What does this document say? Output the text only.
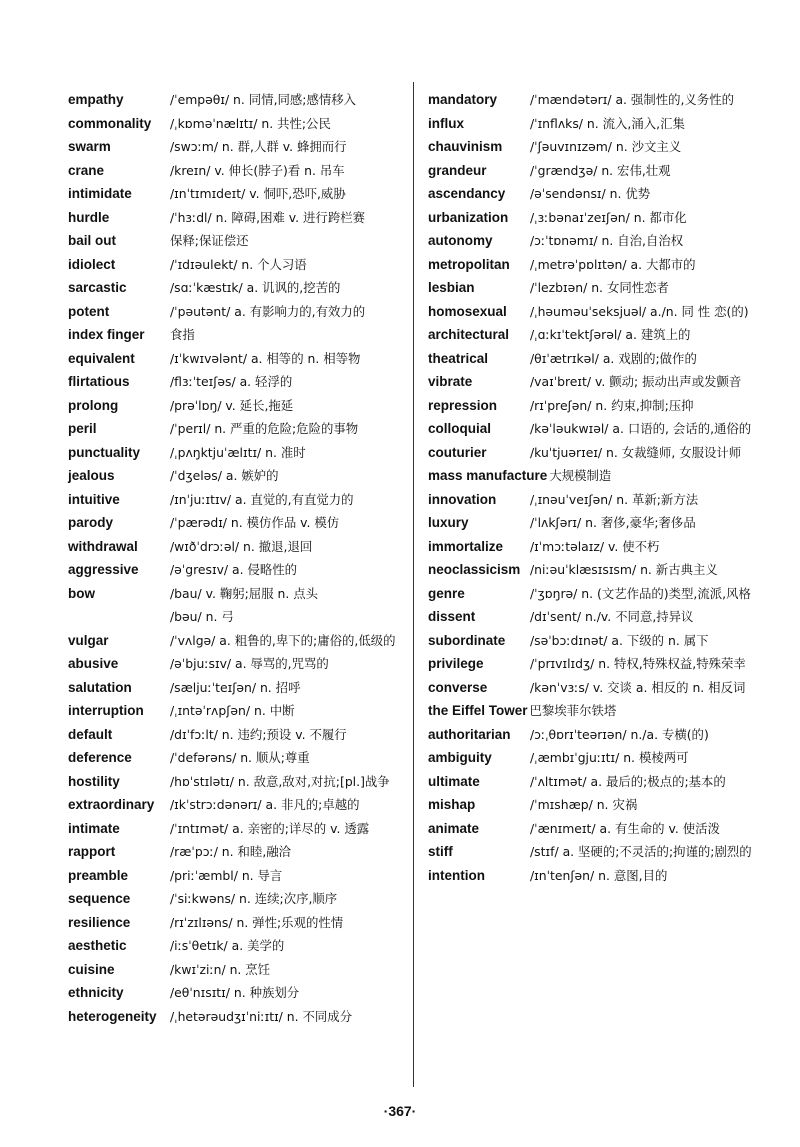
empathy	/ˈempəθɪ/ n. 同情,同感;感情移入
commonality	/ˌkɒməˈnælɪtɪ/ n. 共性;公民
swarm	/swɔːm/ n. 群,人群 v. 蜂拥而行
crane	/kreɪn/ v. 伸长(脖子)看 n. 吊车
intimidate	/ɪnˈtɪmɪdeɪt/ v. 恫吓,恐吓,威胁
hurdle	/ˈhɜːdl/ n. 障碍,困难 v. 进行跨栏赛
bail out	保释;保证偿还
idiolect	/ˈɪdɪəulekt/ n. 个人习语
sarcastic	/sɑːˈkæstɪk/ a. 讥讽的,挖苦的
potent	/ˈpəutənt/ a. 有影响力的,有效力的
index finger	食指
equivalent	/ɪˈkwɪvələnt/ a. 相等的 n. 相等物
flirtatious	/flɜːˈteɪʃəs/ a. 轻浮的
prolong	/prəˈlɒŋ/ v. 延长,拖延
peril	/ˈperɪl/ n. 严重的危险;危险的事物
punctuality	/ˌpʌŋktjuˈælɪtɪ/ n. 准时
jealous	/ˈdʒeləs/ a. 嫉妒的
intuitive	/ɪnˈjuːɪtɪv/ a. 直觉的,有直觉力的
parody	/ˈpærədɪ/ n. 模仿作品 v. 模仿
withdrawal	/wɪðˈdrɔːəl/ n. 撤退,退回
aggressive	/əˈgresɪv/ a. 侵略性的
bow	/bau/ v. 鞠躬;屈服 n. 点头
/bəu/ n. 弓
vulgar	/ˈvʌlgə/ a. 粗鲁的,卑下的;庸俗的,低级的
abusive	/əˈbjuːsɪv/ a. 辱骂的,咒骂的
salutation	/sæljuːˈteɪʃən/ n. 招呼
interruption	/ˌɪntəˈrʌpʃən/ n. 中断
default	/dɪˈfɔːlt/ n. 违约;预设 v. 不履行
deference	/ˈdefərəns/ n. 顺从;尊重
hostility	/hɒˈstɪlətɪ/ n. 敌意,敌对,对抗;[pl.]战争
extraordinary	/ɪkˈstrɔːdənərɪ/ a. 非凡的;卓越的
intimate	/ˈɪntɪmət/ a. 亲密的;详尽的 v. 透露
rapport	/ræˈpɔː/ n. 和睦,融洽
preamble	/priːˈæmbl/ n. 导言
sequence	/ˈsiːkwəns/ n. 连续;次序,顺序
resilience	/rɪˈzɪlɪəns/ n. 弹性;乐观的性情
aesthetic	/iːsˈθetɪk/ a. 美学的
cuisine	/kwɪˈziːn/ n. 烹饪
ethnicity	/eθˈnɪsɪtɪ/ n. 种族划分
heterogeneity	/ˌhetərəudʒɪˈniːɪtɪ/ n. 不同成分
mandatory	/ˈmændətərɪ/ a. 强制性的,义务性的
influx	/ˈɪnflʌks/ n. 流入,涌入,汇集
chauvinism	/ˈʃəuvɪnɪzəm/ n. 沙文主义
grandeur	/ˈgrændʒə/ n. 宏伟,壮观
ascendancy	/əˈsendənsɪ/ n. 优势
urbanization	/ˌɜːbənaɪˈzeɪʃən/ n. 都市化
autonomy	/ɔːˈtɒnəmɪ/ n. 自治,自治权
metropolitan	/ˌmetrəˈpɒlɪtən/ a. 大都市的
lesbian	/ˈlezbɪən/ n. 女同性恋者
homosexual	/ˌhəuməuˈseksjuəl/ a./n. 同 性 恋(的)
architectural	/ˌɑːkɪˈtektʃərəl/ a. 建筑上的
theatrical	/θɪˈætrɪkəl/ a. 戏剧的;做作的
vibrate	/vaɪˈbreɪt/ v. 颤动; 振动出声或发颤音
repression	/rɪˈpreʃən/ n. 约束,抑制;压抑
colloquial	/kəˈləukwɪəl/ a. 口语的, 会话的,通俗的
couturier	/kuˈtjuərɪeɪ/ n. 女裁缝师, 女服设计师
mass manufacture 大规模制造
innovation	/ˌɪnəuˈveɪʃən/ n. 革新;新方法
luxury	/ˈlʌkʃərɪ/ n. 奢侈,豪华;奢侈品
immortalize	/ɪˈmɔːtəlaɪz/ v. 使不朽
neoclassicism /niːəuˈklæsɪsɪsm/ n. 新古典主义
genre	/ˈʒɒŋrə/ n. (文艺作品的)类型,流派,风格
dissent	/dɪˈsent/ n./v. 不同意,持异议
subordinate	/səˈbɔːdɪnət/ a. 下级的 n. 属下
privilege	/ˈprɪvɪlɪdʒ/ n. 特权,特殊权益,特殊荣幸
converse	/kənˈvɜːs/ v. 交谈 a. 相反的 n. 相反词
the Eiffel Tower 巴黎埃菲尔铁塔
authoritarian	/ɔːˌθɒrɪˈteərɪən/ n./a. 专横(的)
ambiguity	/ˌæmbɪˈgjuːɪtɪ/ n. 模棱两可
ultimate	/ˈʌltɪmət/ a. 最后的;极点的;基本的
mishap	/ˈmɪshæp/ n. 灾祸
animate	/ˈænɪmeɪt/ a. 有生命的 v. 使活泼
stiff	/stɪf/ a. 坚硬的;不灵活的;拘谨的;剧烈的
intention	/ɪnˈtenʃən/ n. 意图,目的
·367·
